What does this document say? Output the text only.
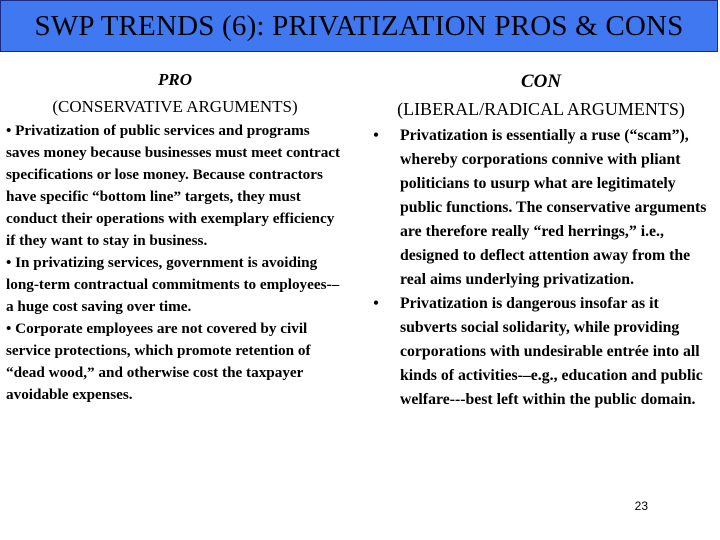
SWP TRENDS (6): PRIVATIZATION PROS & CONS
PRO
(CONSERVATIVE ARGUMENTS)
• Privatization of public services and programs saves money because businesses must meet contract specifications or lose money. Because contractors have specific “bottom line” targets, they must conduct their operations with exemplary efficiency if they want to stay in business.
• In privatizing services, government is avoiding long-term contractual commitments to employees-–a huge cost saving over time.
• Corporate employees are not covered by civil service protections, which promote retention of “dead wood,” and otherwise cost the taxpayer avoidable expenses.
CON
(LIBERAL/RADICAL ARGUMENTS)
•	Privatization is essentially a ruse (“scam”), whereby corporations connive with pliant politicians to usurp what are legitimately public functions. The conservative arguments are therefore really “red herrings,” i.e., designed to deflect attention away from the real aims underlying privatization.
•	Privatization is dangerous insofar as it subverts social solidarity, while providing corporations with undesirable entrée into all kinds of activities-–e.g., education and public welfare---best left within the public domain.
23
